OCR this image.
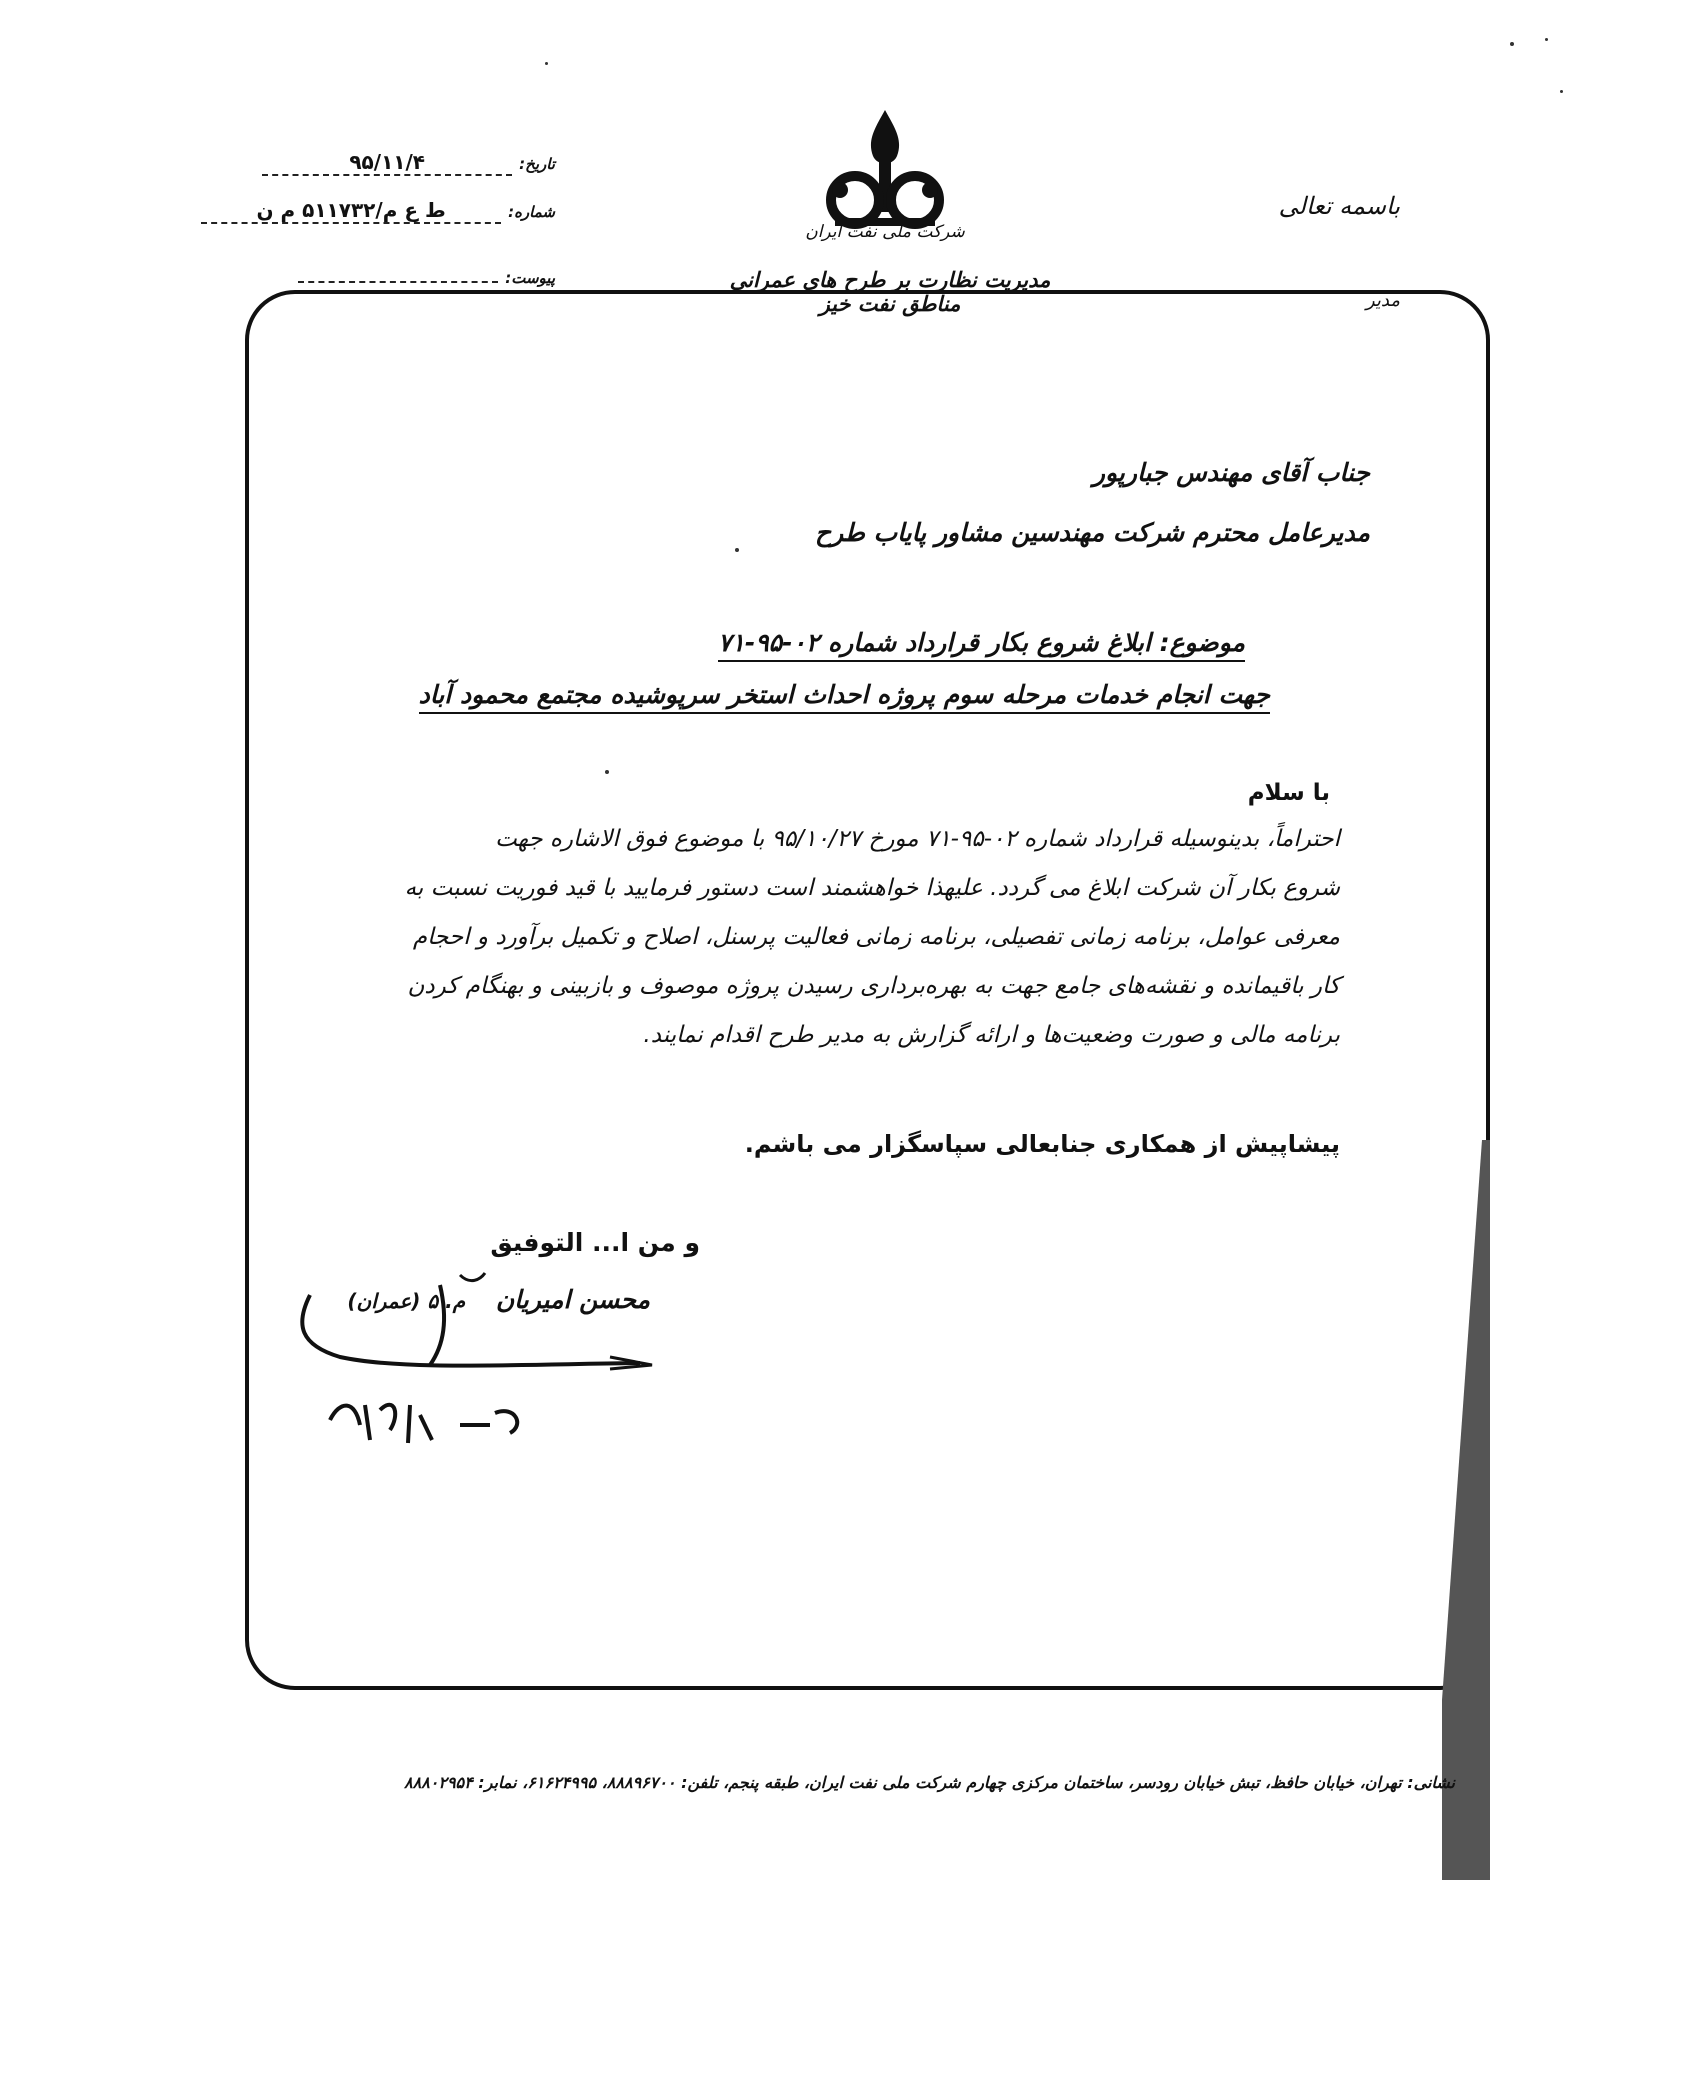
باسمه تعالی
مدیر
شرکت ملی نفت ایران
مدیریت نظارت بر طرح های عمرانی مناطق نفت خیز
تاریخ: ۹۵/۱۱/۴
شماره: ط ع م/۵۱۱۷۳۲ م ن
پیوست:
جناب آقای مهندس جبارپور
مدیرعامل محترم شرکت مهندسین مشاور پایاب طرح
موضوع: ابلاغ شروع بکار قرارداد شماره ۰۲-۹۵-۷۱
جهت انجام خدمات مرحله سوم پروژه احداث استخر سرپوشیده مجتمع محمود آباد
با سلام
احتراماً، بدینوسیله قرارداد شماره ۰۲-۹۵-۷۱ مورخ ۹۵/۱۰/۲۷ با موضوع فوق الاشاره جهت
شروع بکار آن شرکت ابلاغ می گردد. علیهذا خواهشمند است دستور فرمایید با قید فوریت نسبت به
معرفی عوامل، برنامه زمانی تفصیلی، برنامه زمانی فعالیت پرسنل، اصلاح و تکمیل برآورد و احجام
کار باقیمانده و نقشه‌های جامع جهت به بهره‌برداری رسیدن پروژه موصوف و بازبینی و بهنگام کردن
برنامه مالی و صورت وضعیت‌ها و ارائه گزارش به مدیر طرح اقدام نمایند.
پیشاپیش از همکاری جنابعالی سپاسگزار می باشم.
و من ا... التوفیق
محسن امیریان م. ۵ (عمران)
نشانی: تهران، خیابان حافظ، تبش خیابان رودسر، ساختمان مرکزی چهارم شرکت ملی نفت ایران، طبقه پنجم، تلفن: ۸۸۸۹۶۷۰۰، ۶۱۶۲۴۹۹۵، نمابر: ۸۸۸۰۲۹۵۴
